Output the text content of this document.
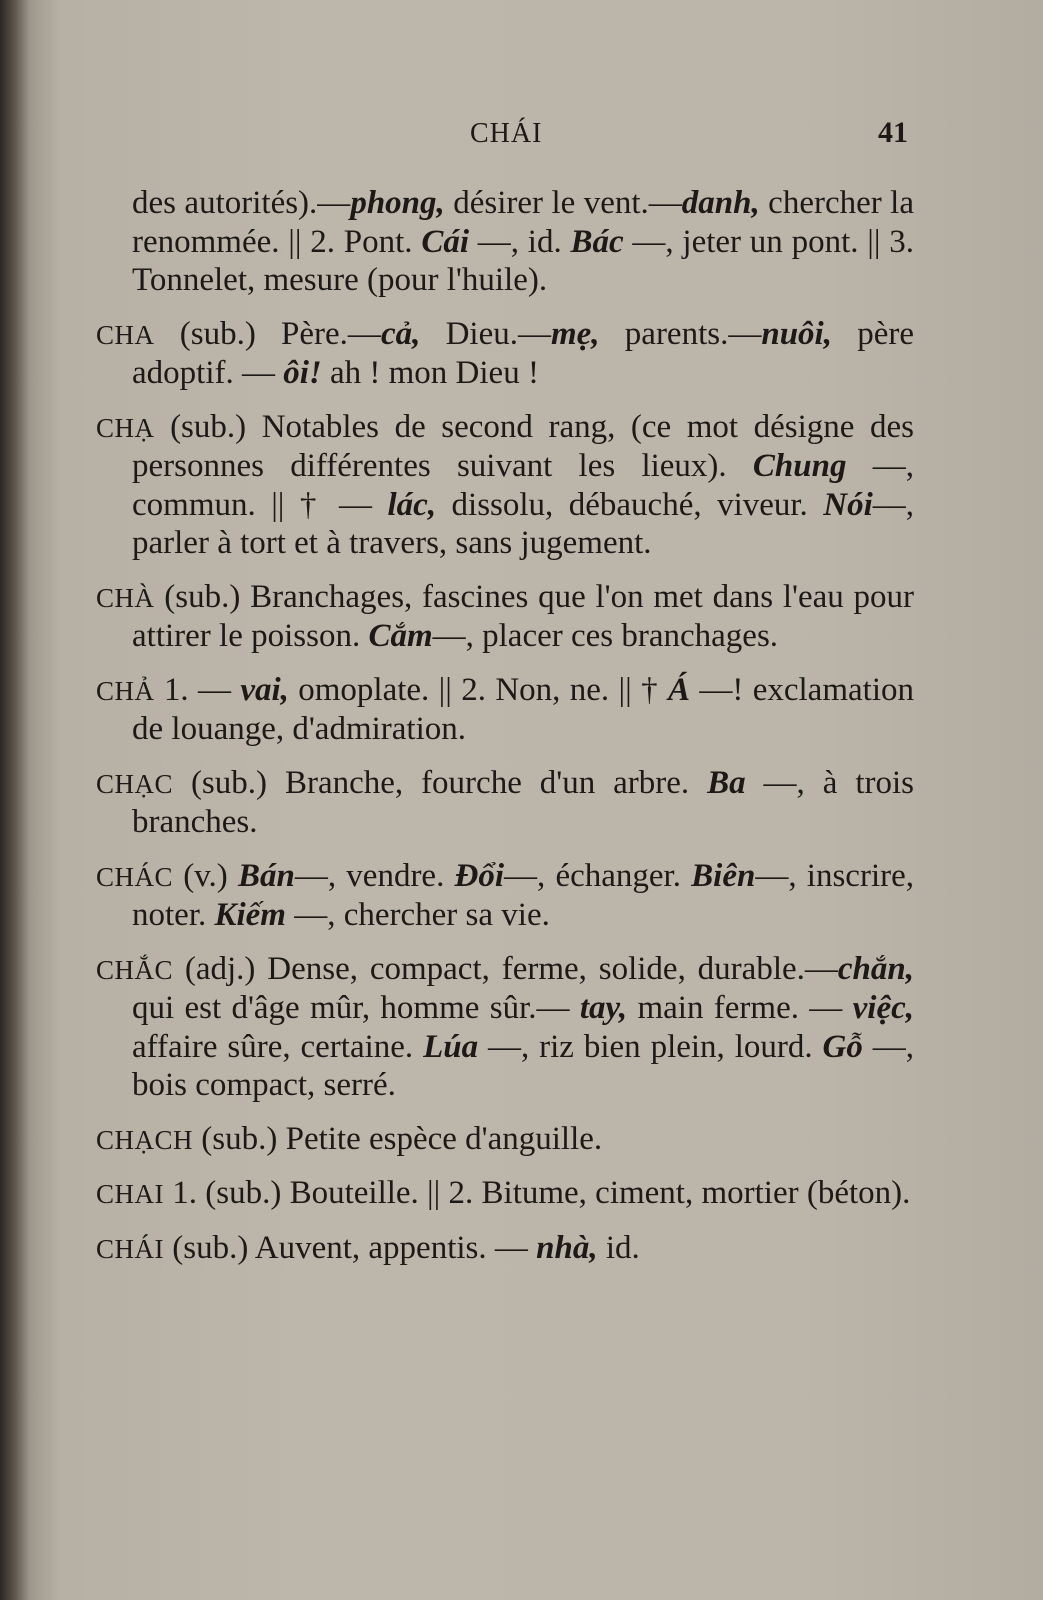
CHÁI	41

des autorités).—phong, désirer le vent.—danh, chercher la renommée. || 2. Pont. Cái —, id. Bác —, jeter un pont. || 3. Tonnelet, mesure (pour l'huile).

CHA (sub.) Père.—cả, Dieu.—mẹ, parents.—nuôi, père adoptif. — ôi! ah ! mon Dieu !

CHẠ (sub.) Notables de second rang, (ce mot désigne des personnes différentes suivant les lieux). Chung —, commun. || † — lác, dissolu, débauché, viveur. Nói—, parler à tort et à travers, sans jugement.

CHÀ (sub.) Branchages, fascines que l'on met dans l'eau pour attirer le poisson. Cắm—, placer ces branchages.

CHẢ 1. — vai, omoplate. || 2. Non, ne. || † Á —! exclamation de louange, d'admiration.

CHẠC (sub.) Branche, fourche d'un arbre. Ba —, à trois branches.

CHÁC (v.) Bán—, vendre. Đổi—, échanger. Biên—, inscrire, noter. Kiếm —, chercher sa vie.

CHẮC (adj.) Dense, compact, ferme, solide, durable.—chắn, qui est d'âge mûr, homme sûr.— tay, main ferme. — việc, affaire sûre, certaine. Lúa —, riz bien plein, lourd. Gỗ —, bois compact, serré.

CHẠCH (sub.) Petite espèce d'anguille.

CHAI 1. (sub.) Bouteille. || 2. Bitume, ciment, mortier (béton).

CHÁI (sub.) Auvent, appentis. — nhà, id.
